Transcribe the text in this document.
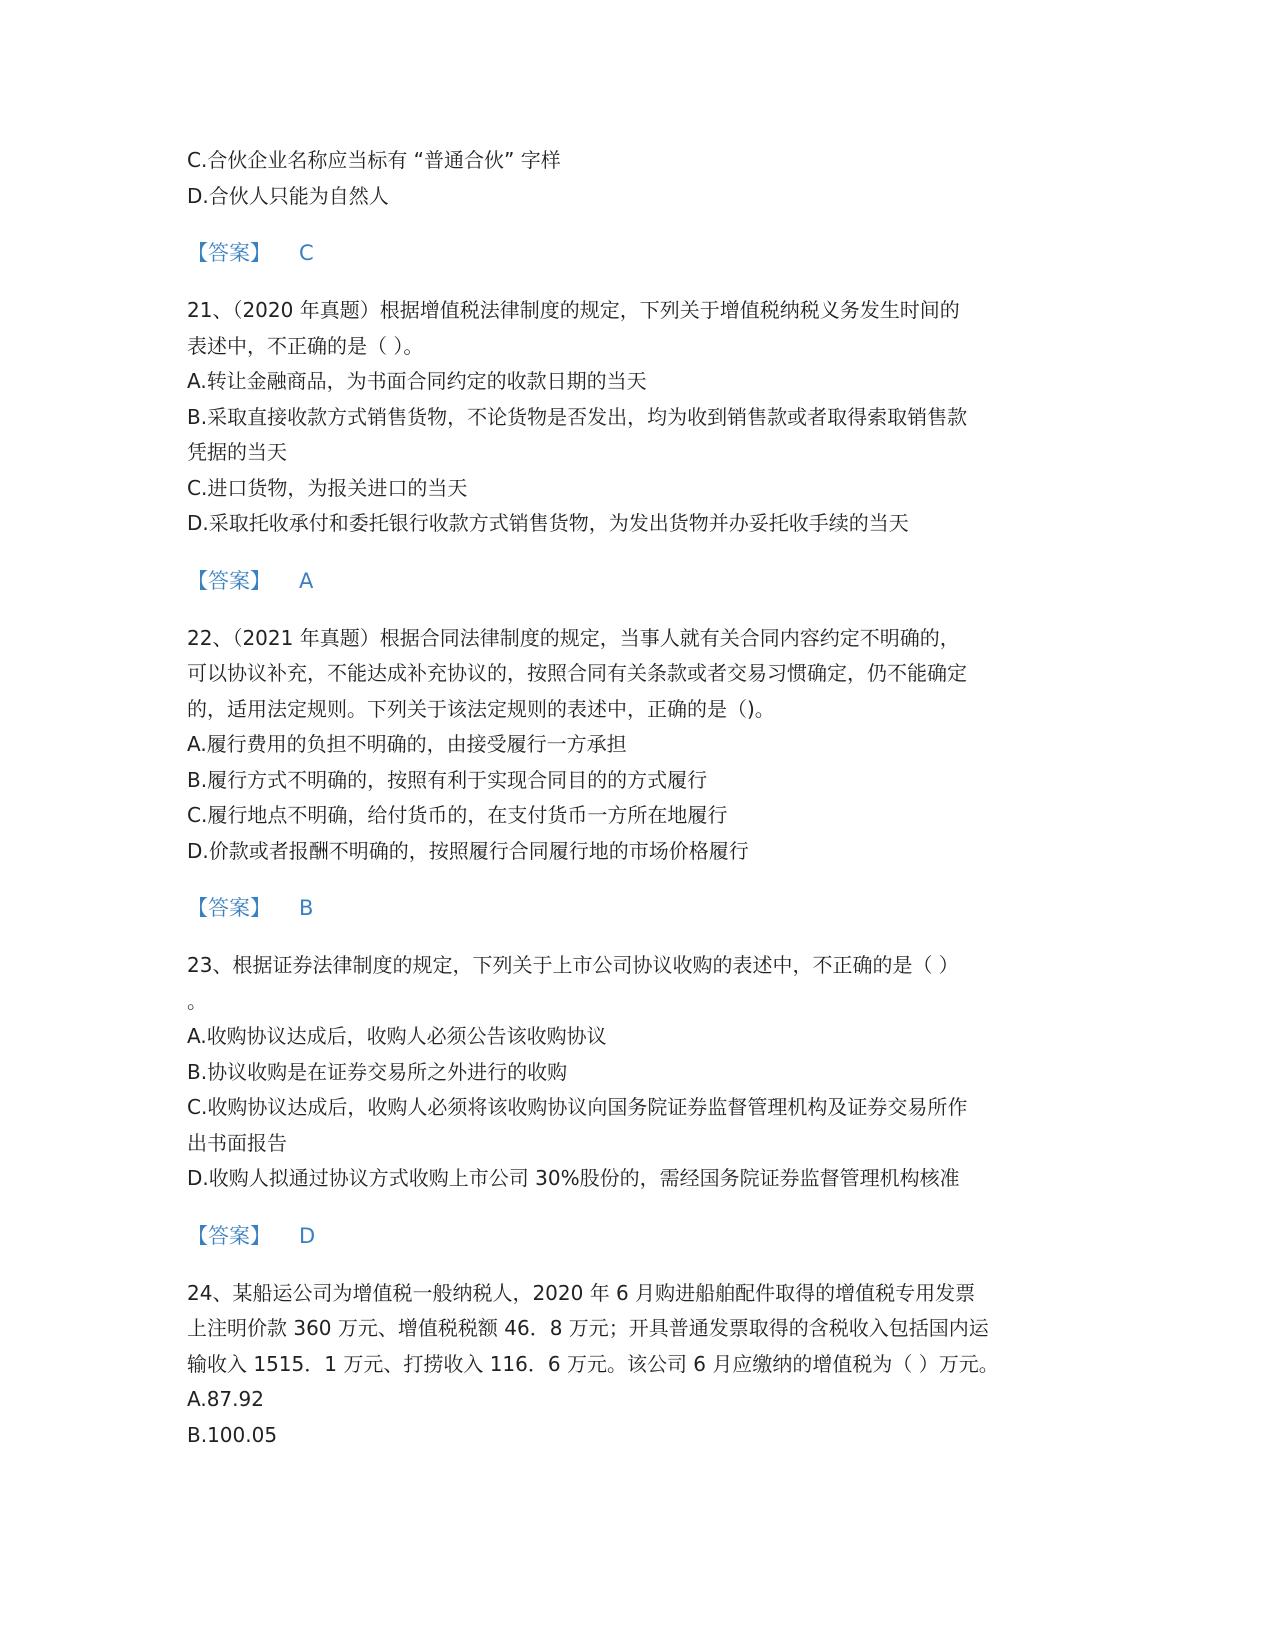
C.合伙企业名称应当标有 “普通合伙” 字样
D.合伙人只能为自然人
【答案】 C
21、（2020 年真题）根据增值税法律制度的规定，下列关于增值税纳税义务发生时间的
表述中，不正确的是（ ）。
A.转让金融商品，为书面合同约定的收款日期的当天
B.采取直接收款方式销售货物，不论货物是否发出，均为收到销售款或者取得索取销售款
凭据的当天
C.进口货物，为报关进口的当天
D.采取托收承付和委托银行收款方式销售货物，为发出货物并办妥托收手续的当天
【答案】 A
22、（2021 年真题）根据合同法律制度的规定，当事人就有关合同内容约定不明确的，
可以协议补充，不能达成补充协议的，按照合同有关条款或者交易习惯确定，仍不能确定
的，适用法定规则。下列关于该法定规则的表述中，正确的是（)。
A.履行费用的负担不明确的，由接受履行一方承担
B.履行方式不明确的，按照有利于实现合同目的的方式履行
C.履行地点不明确，给付货币的，在支付货币一方所在地履行
D.价款或者报酬不明确的，按照履行合同履行地的市场价格履行
【答案】 B
23、根据证券法律制度的规定，下列关于上市公司协议收购的表述中，不正确的是（ ）
。
A.收购协议达成后，收购人必须公告该收购协议
B.协议收购是在证券交易所之外进行的收购
C.收购协议达成后，收购人必须将该收购协议向国务院证券监督管理机构及证券交易所作
出书面报告
D.收购人拟通过协议方式收购上市公司 30%股份的，需经国务院证券监督管理机构核准
【答案】 D
24、某船运公司为增值税一般纳税人，2020 年 6 月购进船舶配件取得的增值税专用发票
上注明价款 360 万元、增值税税额 46．8 万元；开具普通发票取得的含税收入包括国内运
输收入 1515．1 万元、打捞收入 116．6 万元。该公司 6 月应缴纳的增值税为（ ）万元。
A.87.92
B.100.05
